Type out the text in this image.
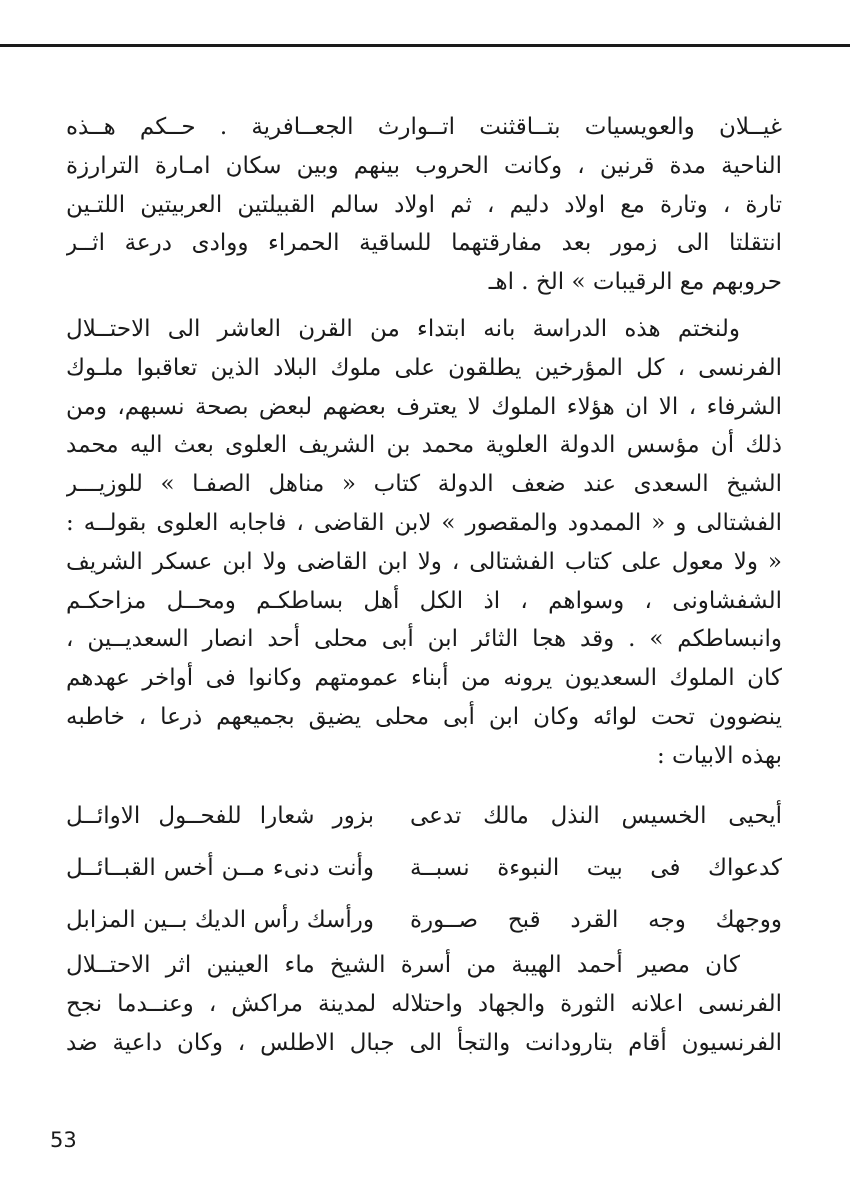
غيــلان والعويسيات بتــاقثنت اتــوارث الجعــافرية . حــكم هــذه
الناحية مدة قرنين ، وكانت الحروب بينهم وبين سكان امـارة الترارزة
تارة ، وتارة مع اولاد دليم ، ثم اولاد سالم القبيلتين العربيتين اللتـين
انتقلتا الى زمور بعد مفارقتهما للساقية الحمراء ووادى درعة اثــر
حروبهم مع الرقيبات » الخ . اهـ
ولنختم هذه الدراسة بانه ابتداء من القرن العاشر الى الاحتــلال
الفرنسى ، كل المؤرخين يطلقون على ملوك البلاد الذين تعاقبوا ملـوك
الشرفاء ، الا ان هؤلاء الملوك لا يعترف بعضهم لبعض بصحة نسبهم، ومن
ذلك أن مؤسس الدولة العلوية محمد بن الشريف العلوى بعث اليه محمد
الشيخ السعدى عند ضعف الدولة كتاب « مناهل الصفـا » للوزيـــر
الفشتالى و « الممدود والمقصور » لابن القاضى ، فاجابه العلوى بقولــه :
« ولا معول على كتاب الفشتالى ، ولا ابن القاضى ولا ابن عسكر الشريف
الشفشاونى ، وسواهم ، اذ الكل أهل بساطكـم ومحــل مزاحكـم
وانبساطكم » . وقد هجا الثائر ابن أبى محلى أحد انصار السعديــين ،
كان الملوك السعديون يرونه من أبناء عمومتهم وكانوا فى أواخر عهدهم
ينضوون تحت لوائه وكان ابن أبى محلى يضيق بجميعهم ذرعا ، خاطبه
بهذه الابيات :
أيحيى الخسيس النذل مالك تدعى
بزور شعارا للفحــول الاوائــل
كدعواك فى بيت النبوءة نسبــة
وأنت دنىء مــن أخس القبــائــل
ووجهك وجه القرد قبح صــورة
ورأسك رأس الديك بــين المزابل
كان مصير أحمد الهيبة من أسرة الشيخ ماء العينين اثر الاحتــلال
الفرنسى اعلانه الثورة والجهاد واحتلاله لمدينة مراكش ، وعنــدما نجح
الفرنسيون أقام بتارودانت والتجأ الى جبال الاطلس ، وكان داعية ضد
53
